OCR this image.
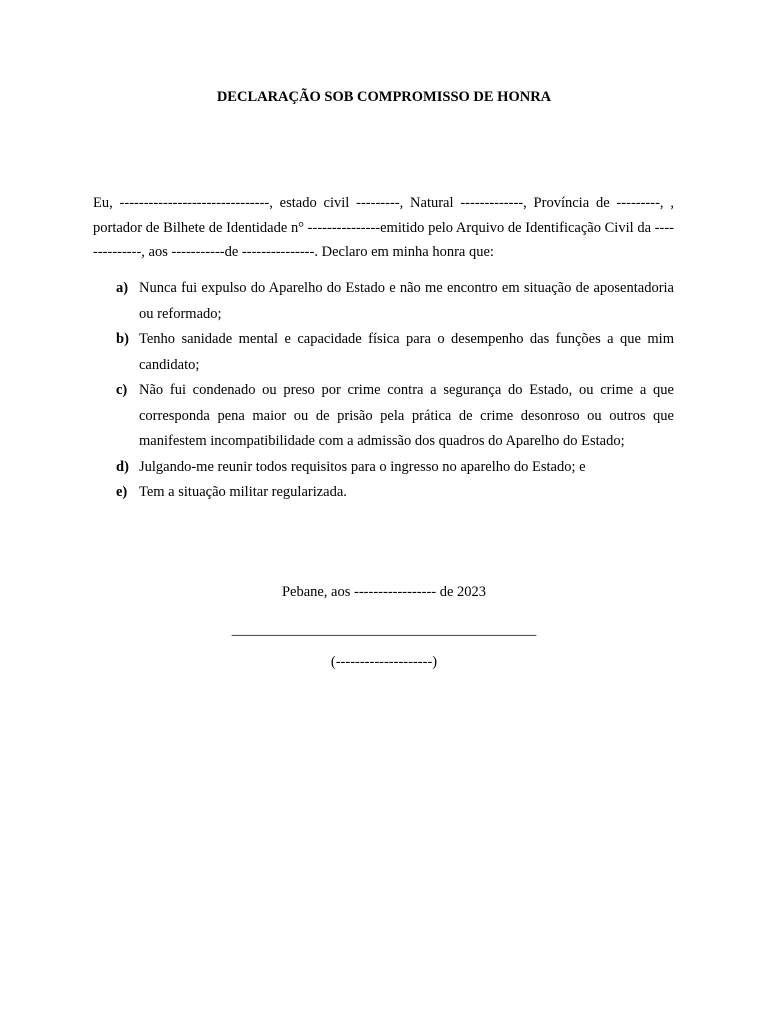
DECLARAÇÃO SOB COMPROMISSO DE HONRA

Eu, -------------------------------, estado civil ---------, Natural -------------, Província de ---------, , portador de Bilhete de Identidade n° ---------------emitido pelo Arquivo de Identificação Civil da --------------, aos -----------de ---------------. Declaro em minha honra que:

a) Nunca fui expulso do Aparelho do Estado e não me encontro em situação de aposentadoria ou reformado;
b) Tenho sanidade mental e capacidade física para o desempenho das funções a que mim candidato;
c) Não fui condenado ou preso por crime contra a segurança do Estado, ou crime a que corresponda pena maior ou de prisão pela prática de crime desonroso ou outros que manifestem incompatibilidade com a admissão dos quadros do Aparelho do Estado;
d) Julgando-me reunir todos requisitos para o ingresso no aparelho do Estado; e
e) Tem a situação militar regularizada.

Pebane, aos ----------------- de 2023

__________________________________________

(--------------------)
